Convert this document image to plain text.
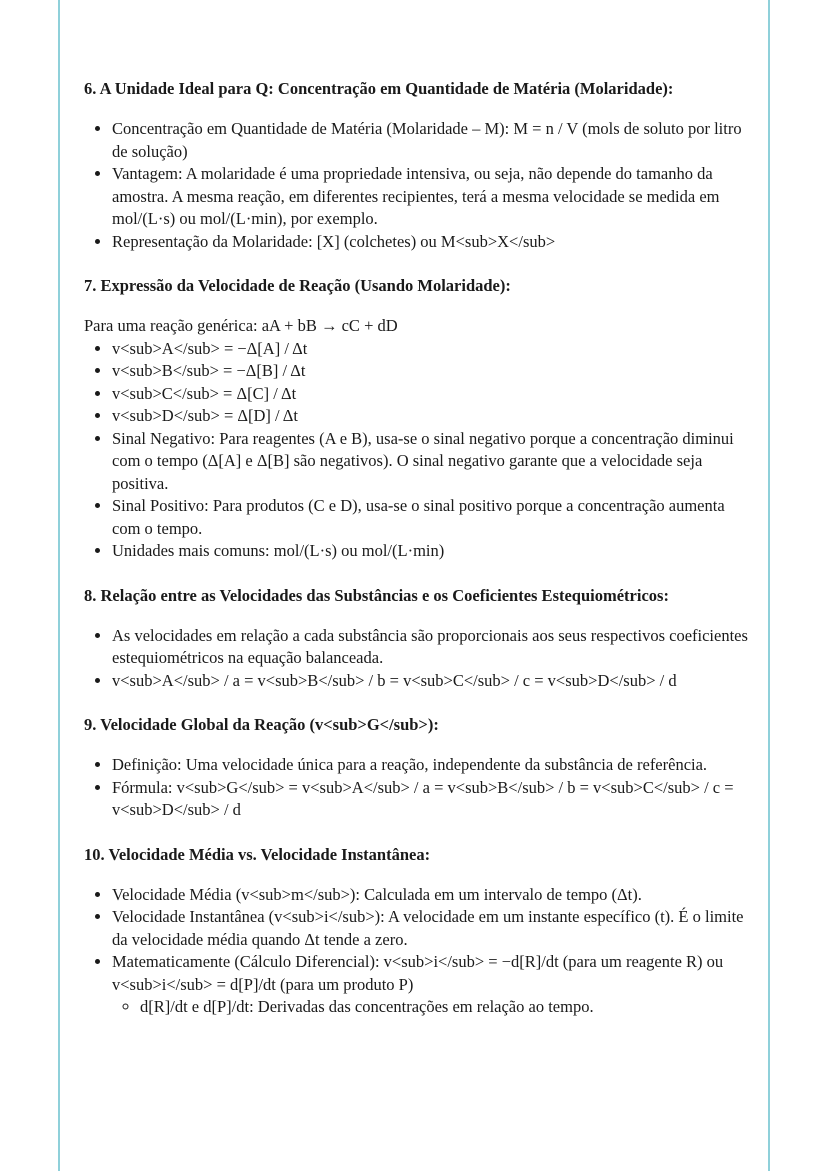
6. A Unidade Ideal para Q: Concentração em Quantidade de Matéria (Molaridade):
• Concentração em Quantidade de Matéria (Molaridade – M): M = n / V (mols de soluto por litro de solução)
• Vantagem: A molaridade é uma propriedade intensiva, ou seja, não depende do tamanho da amostra. A mesma reação, em diferentes recipientes, terá a mesma velocidade se medida em mol/(L·s) ou mol/(L·min), por exemplo.
• Representação da Molaridade: [X] (colchetes) ou M<sub>X</sub>
7. Expressão da Velocidade de Reação (Usando Molaridade):

Para uma reação genérica: aA + bB → cC + dD

• v<sub>A</sub> = −Δ[A] / Δt
• v<sub>B</sub> = −Δ[B] / Δt
• v<sub>C</sub> = Δ[C] / Δt
• v<sub>D</sub> = Δ[D] / Δt
• Sinal Negativo: Para reagentes (A e B), usa-se o sinal negativo porque a concentração diminui com o tempo (Δ[A] e Δ[B] são negativos). O sinal negativo garante que a velocidade seja positiva.
• Sinal Positivo: Para produtos (C e D), usa-se o sinal positivo porque a concentração aumenta com o tempo.
• Unidades mais comuns: mol/(L·s) ou mol/(L·min)
8. Relação entre as Velocidades das Substâncias e os Coeficientes Estequiométricos:
• As velocidades em relação a cada substância são proporcionais aos seus respectivos coeficientes estequiométricos na equação balanceada.
• v<sub>A</sub> / a = v<sub>B</sub> / b = v<sub>C</sub> / c = v<sub>D</sub> / d
9. Velocidade Global da Reação (v<sub>G</sub>):
• Definição: Uma velocidade única para a reação, independente da substância de referência.
• Fórmula: v<sub>G</sub> = v<sub>A</sub> / a = v<sub>B</sub> / b = v<sub>C</sub> / c = v<sub>D</sub> / d
10. Velocidade Média vs. Velocidade Instantânea:
• Velocidade Média (v<sub>m</sub>): Calculada em um intervalo de tempo (Δt).
• Velocidade Instantânea (v<sub>i</sub>): A velocidade em um instante específico (t). É o limite da velocidade média quando Δt tende a zero.
• Matematicamente (Cálculo Diferencial): v<sub>i</sub> = −d[R]/dt (para um reagente R) ou v<sub>i</sub> = d[P]/dt (para um produto P)
◦ d[R]/dt e d[P]/dt: Derivadas das concentrações em relação ao tempo.
